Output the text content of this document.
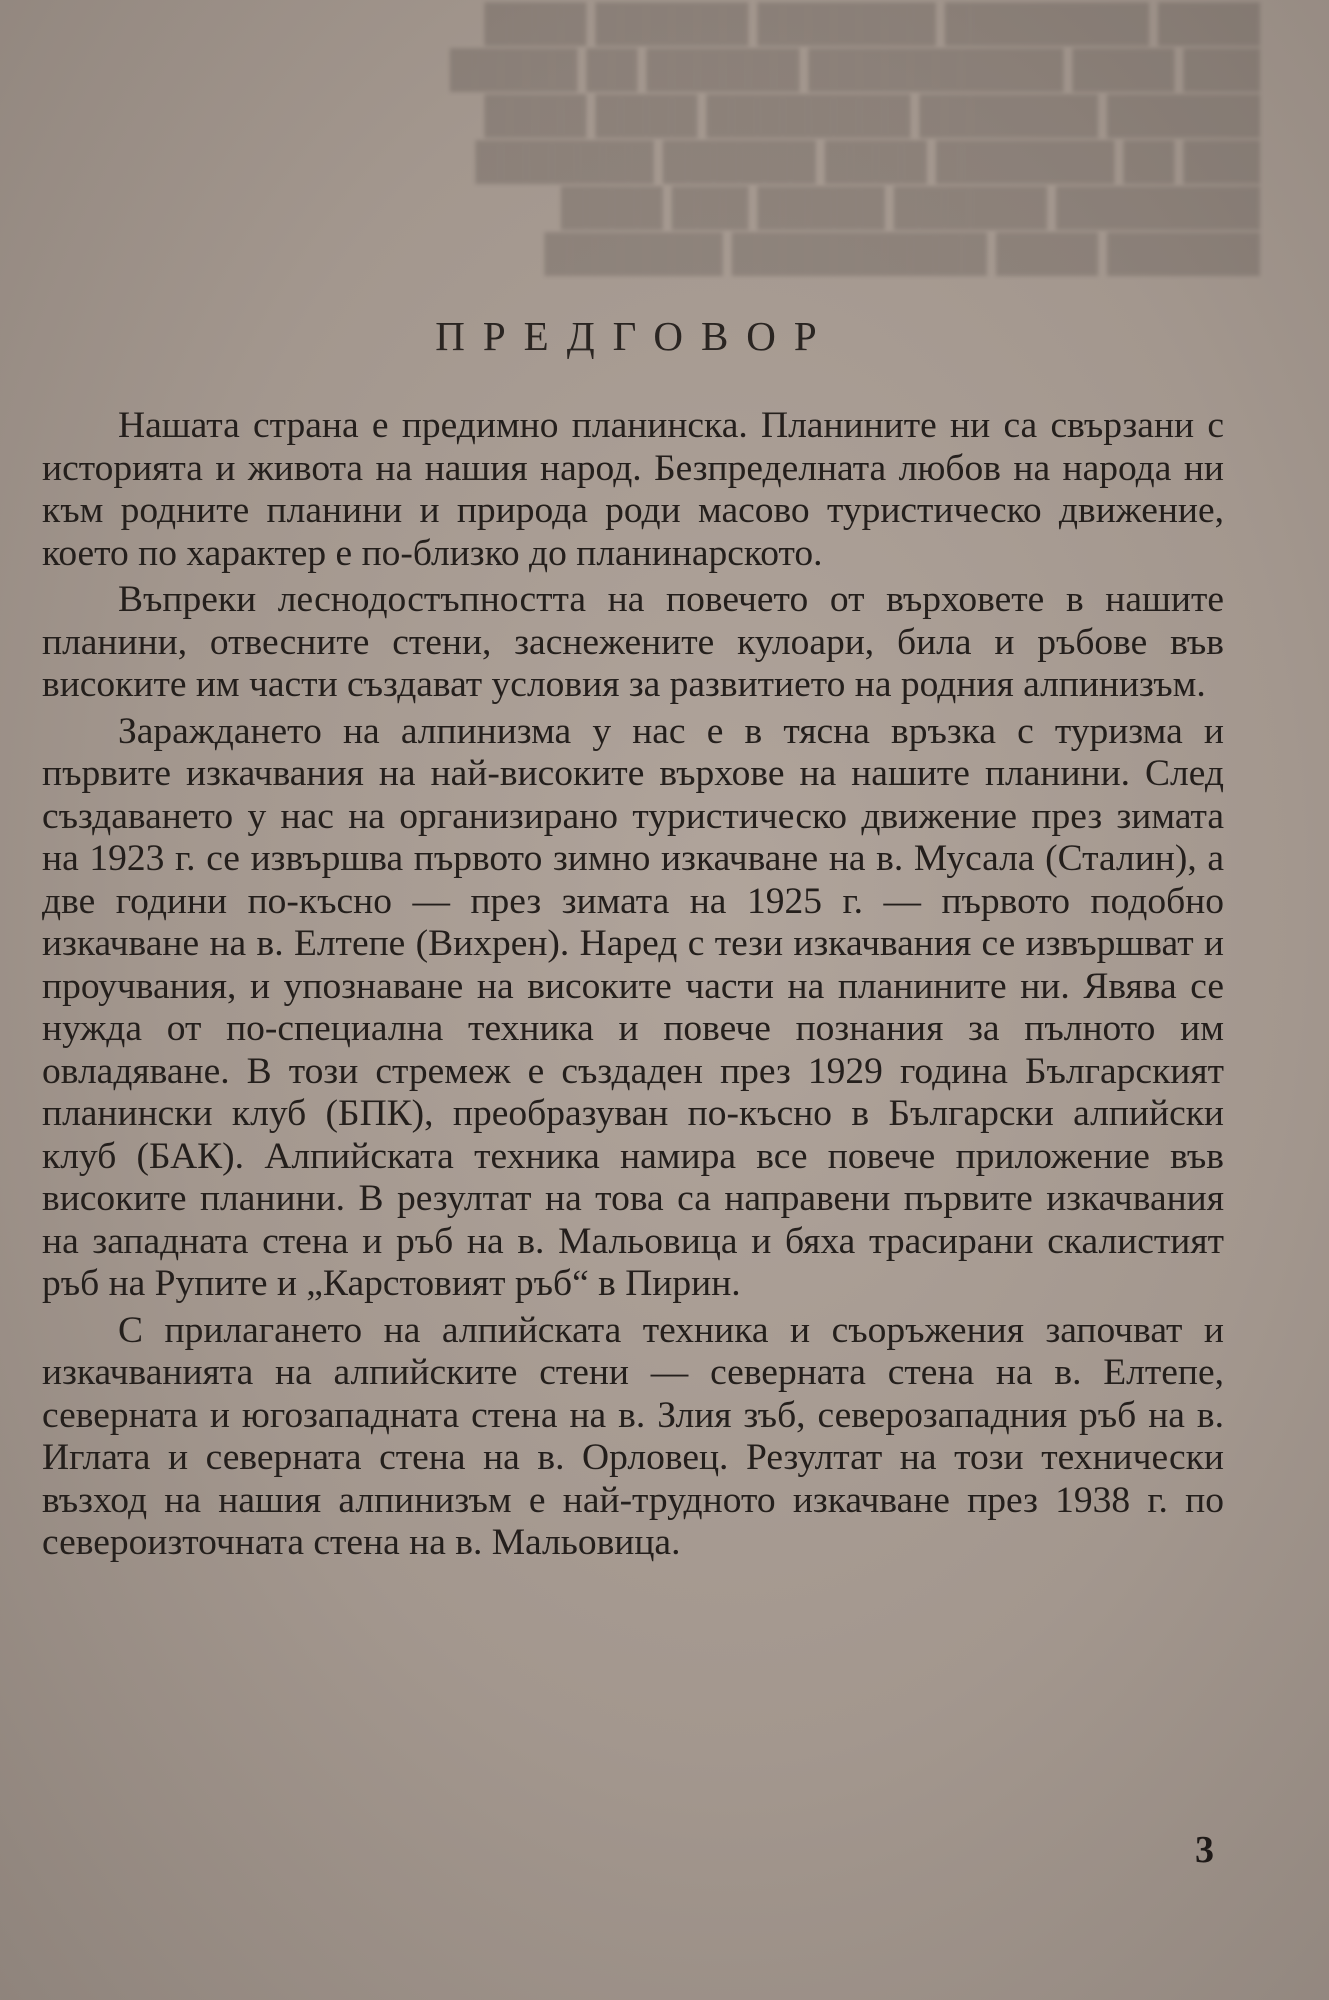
████ ████████ ███████ ██████ ████
███ ████ ██████████ ██████ ██ █████
██████ ███████ ████████ ████ ████
███ ██ ███████ ████ ██████ ███████
████████ ██████ █████ ███ ████
██████ ████ ██████████ ███████
ПРЕДГОВОР

Нашата страна е предимно планинска. Планините ни са свързани с историята и живота на нашия народ. Безпределната любов на народа ни към родните планини и природа роди масово туристическо движение, което по характер е по-близко до планинарското.

Въпреки леснодостъпността на повечето от върховете в нашите планини, отвесните стени, заснежените кулоари, била и ръбове във високите им части създават условия за развитието на родния алпинизъм.

Зараждането на алпинизма у нас е в тясна връзка с туризма и първите изкачвания на най-високите върхове на нашите планини. След създаването у нас на организирано туристическо движение през зимата на 1923 г. се извършва първото зимно изкачване на в. Мусала (Сталин), а две години по-късно — през зимата на 1925 г. — първото подобно изкачване на в. Елтепе (Вихрен). Наред с тези изкачвания се извършват и проучвания, и упознаване на високите части на планините ни. Явява се нужда от по-специална техника и повече познания за пълното им овладяване. В този стремеж е създаден през 1929 година Българският планински клуб (БПК), преобразуван по-късно в Български алпийски клуб (БАК). Алпийската техника намира все повече приложение във високите планини. В резултат на това са направени първите изкачвания на западната стена и ръб на в. Мальовица и бяха трасирани скалистият ръб на Рупите и „Карстовият ръб“ в Пирин.

С прилагането на алпийската техника и съоръжения започват и изкачванията на алпийските стени — северната стена на в. Елтепе, северната и югозападната стена на в. Злия зъб, северозападния ръб на в. Иглата и северната стена на в. Орловец. Резултат на този технически възход на нашия алпинизъм е най-трудното изкачване през 1938 г. по североизточната стена на в. Мальовица.

3
